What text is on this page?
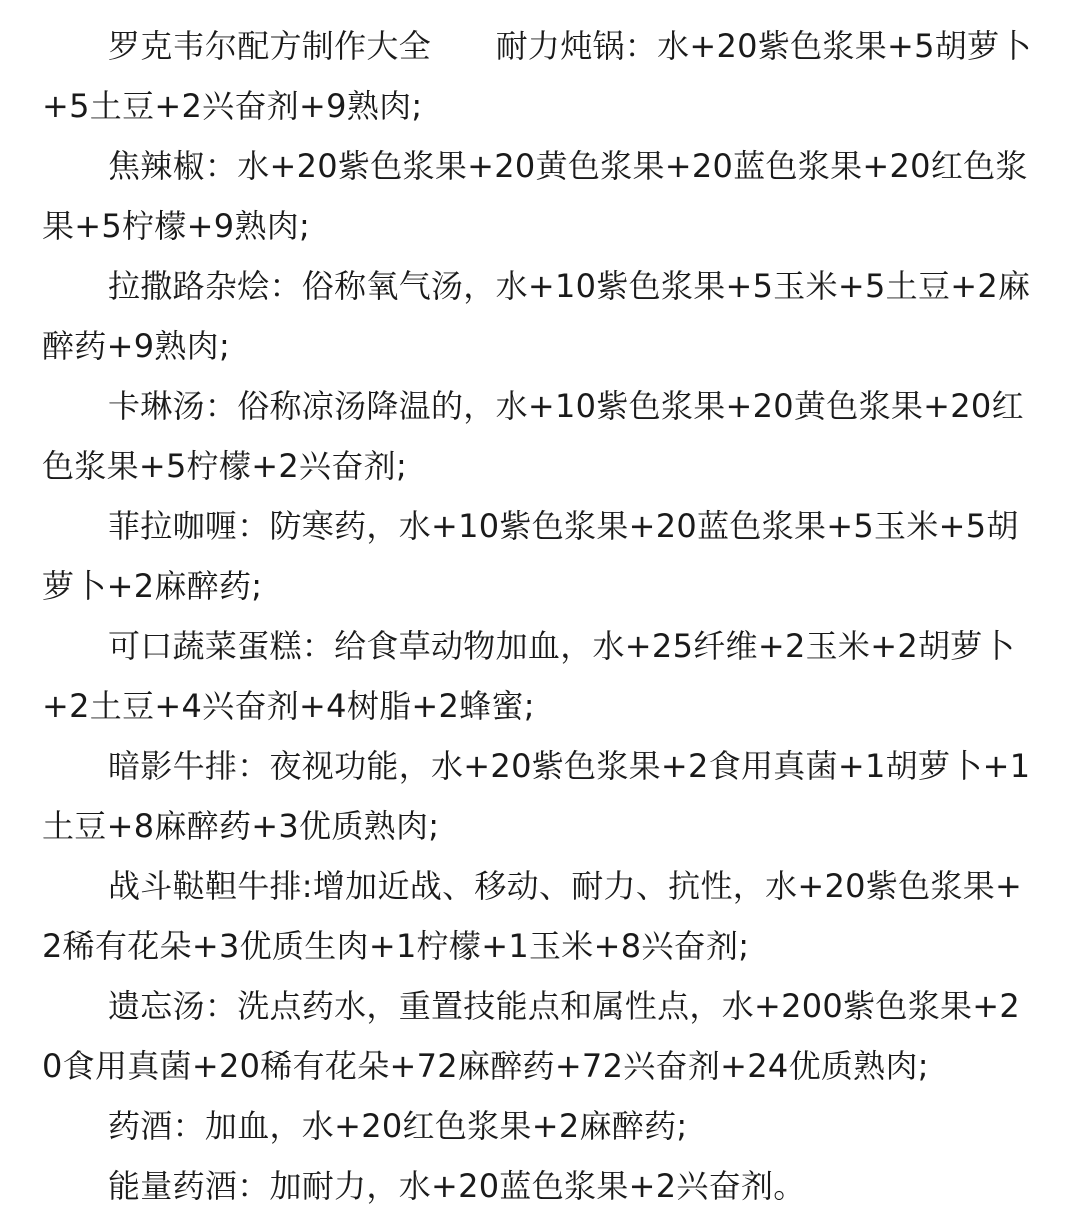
罗克韦尔配方制作大全　　耐力炖锅：水+20紫色浆果+5胡萝卜+5土豆+2兴奋剂+9熟肉;

焦辣椒：水+20紫色浆果+20黄色浆果+20蓝色浆果+20红色浆果+5柠檬+9熟肉;

拉撒路杂烩：俗称氧气汤，水+10紫色浆果+5玉米+5土豆+2麻醉药+9熟肉;

卡琳汤：俗称凉汤降温的，水+10紫色浆果+20黄色浆果+20红色浆果+5柠檬+2兴奋剂;

菲拉咖喱：防寒药，水+10紫色浆果+20蓝色浆果+5玉米+5胡萝卜+2麻醉药;

可口蔬菜蛋糕：给食草动物加血，水+25纤维+2玉米+2胡萝卜+2土豆+4兴奋剂+4树脂+2蜂蜜;

暗影牛排：夜视功能，水+20紫色浆果+2食用真菌+1胡萝卜+1土豆+8麻醉药+3优质熟肉;

战斗鞑靼牛排:增加近战、移动、耐力、抗性，水+20紫色浆果+2稀有花朵+3优质生肉+1柠檬+1玉米+8兴奋剂;

遗忘汤：洗点药水，重置技能点和属性点，水+200紫色浆果+20食用真菌+20稀有花朵+72麻醉药+72兴奋剂+24优质熟肉;

药酒：加血，水+20红色浆果+2麻醉药;

能量药酒：加耐力，水+20蓝色浆果+2兴奋剂。
